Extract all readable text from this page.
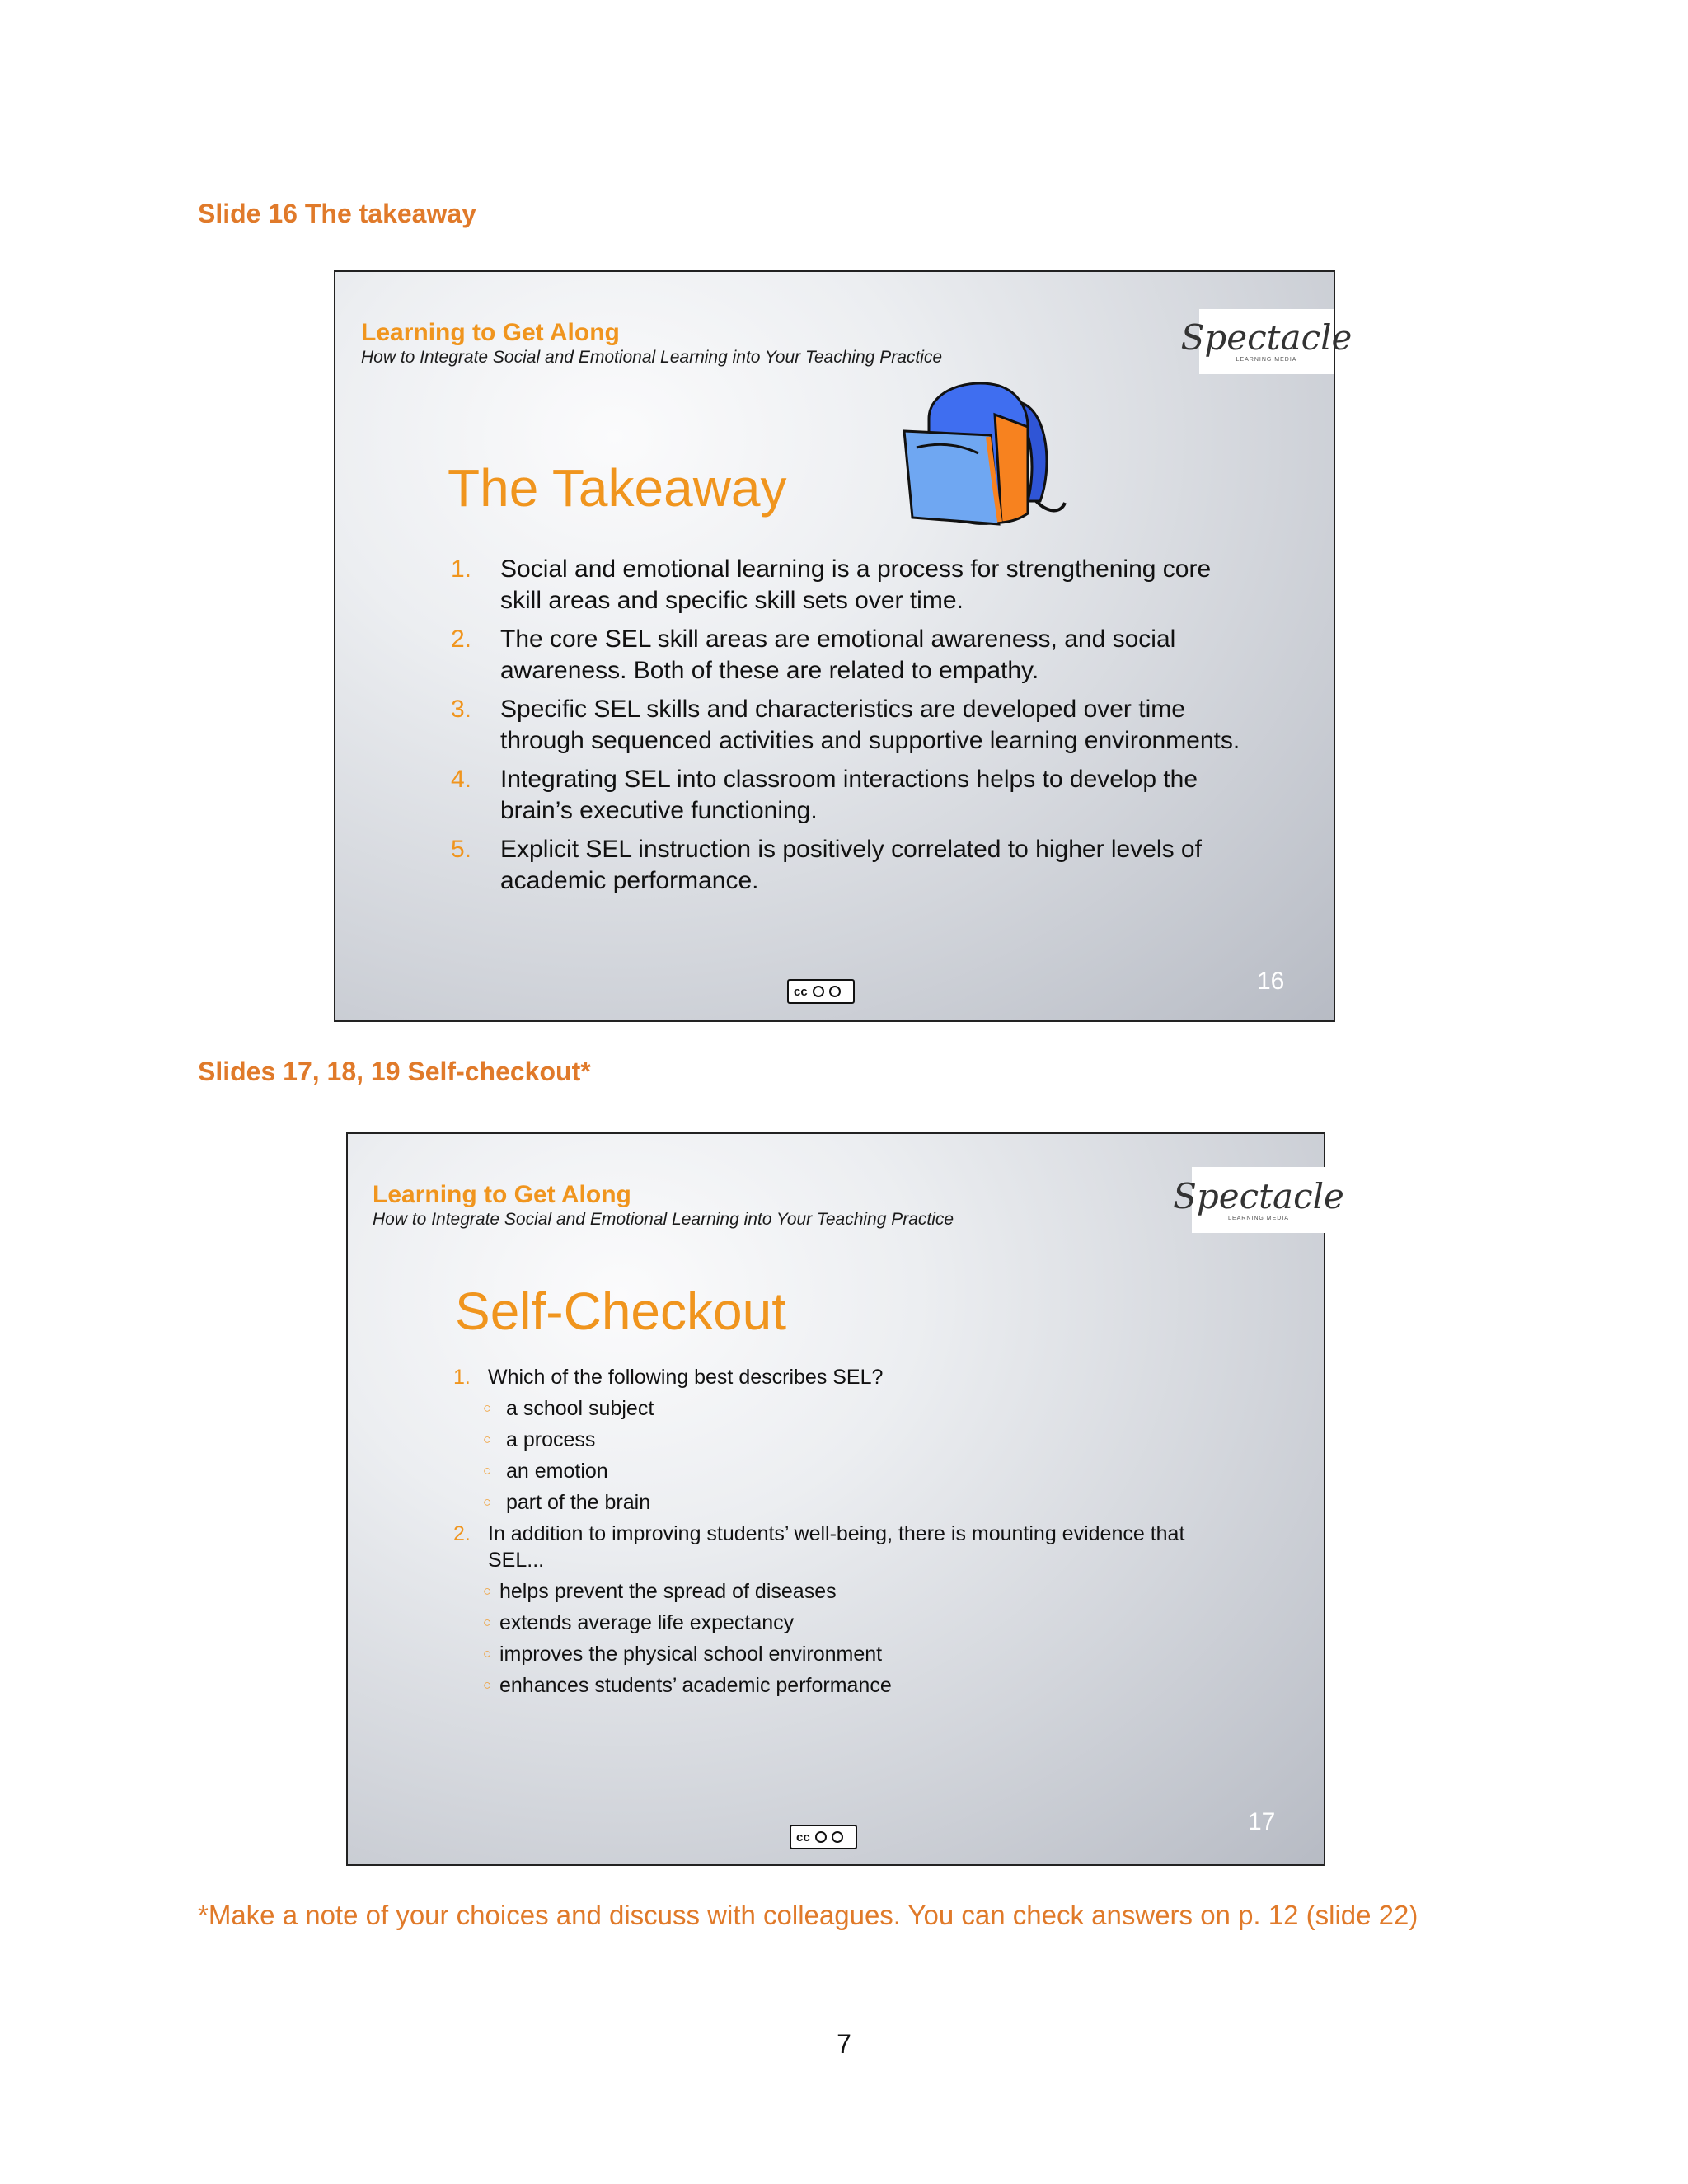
Slide 16 The takeaway

Learning to Get Along

How to Integrate Social and Emotional Learning into Your Teaching Practice	Spectacle
LEARNING MEDIA
The Takeaway
1. Social and emotional learning is a process for strengthening core skill areas and specific skill sets over time.
2. The core SEL skill areas are emotional awareness, and social awareness. Both of these are related to empathy.
3. Specific SEL skills and characteristics are developed over time through sequenced activities and supportive learning environments.
4. Integrating SEL into classroom interactions helps to develop the brain’s executive functioning.
5. Explicit SEL instruction is positively correlated to higher levels of academic performance.
cc	16
Slides 17, 18, 19 Self-checkout*

Learning to Get Along

How to Integrate Social and Emotional Learning into Your Teaching Practice

Spectacle
LEARNING MEDIA
Self-Checkout
1. Which of the following best describes SEL?
○ a school subject
○ a process
○ an emotion
○ part of the brain
2. In addition to improving students’ well-being, there is mounting evidence that SEL...
○ helps prevent the spread of diseases
○ extends average life expectancy
○ improves the physical school environment
○ enhances students’ academic performance
cc
17

*Make a note of your choices and discuss with colleagues. You can check answers on p. 12 (slide 22)

7
